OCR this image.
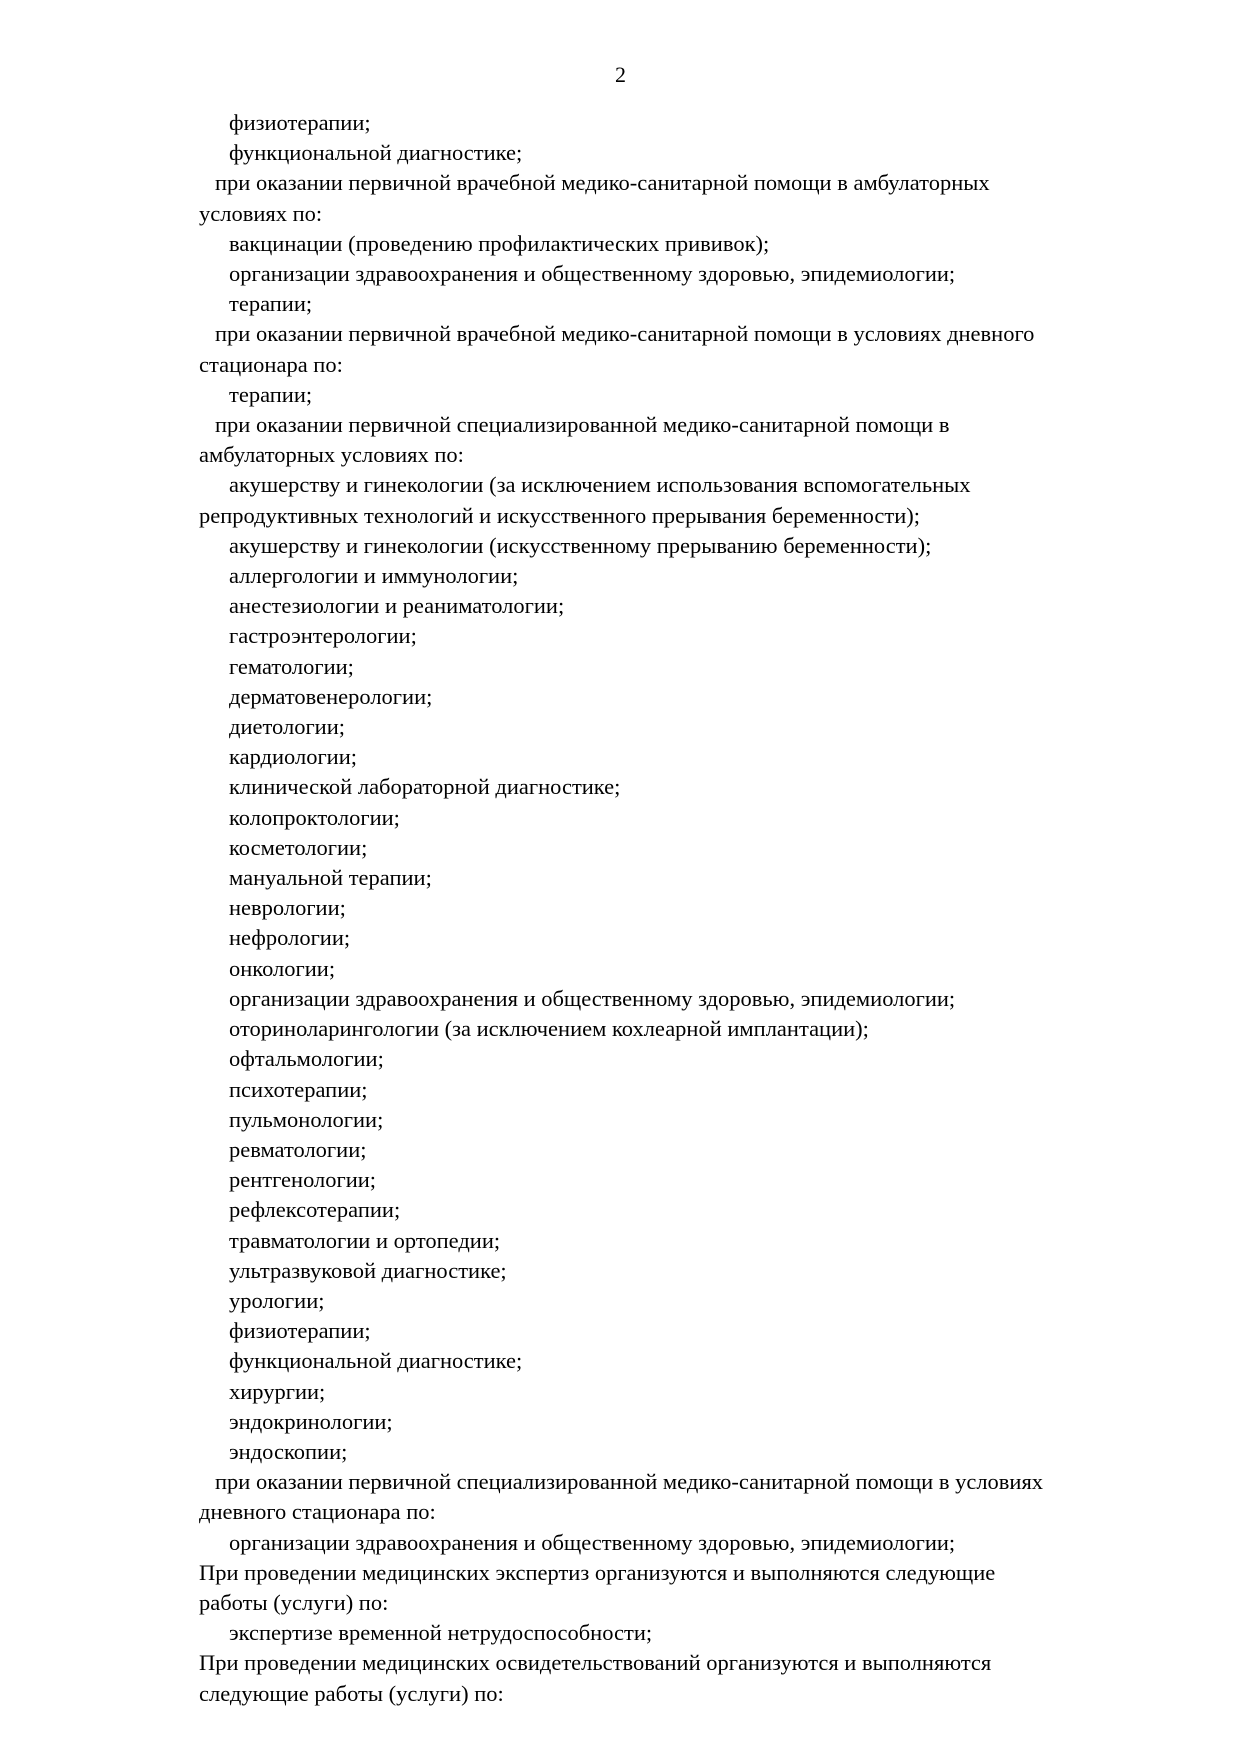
2

физиотерапии;

функциональной диагностике;

при оказании первичной врачебной медико-санитарной помощи в амбулаторных

условиях по:

вакцинации (проведению профилактических прививок);

организации здравоохранения и общественному здоровью, эпидемиологии;

терапии;

при оказании первичной врачебной медико-санитарной помощи в условиях дневного

стационара по:

терапии;

при оказании первичной специализированной медико-санитарной помощи в

амбулаторных условиях по:

акушерству и гинекологии (за исключением использования вспомогательных

репродуктивных технологий и искусственного прерывания беременности);

акушерству и гинекологии (искусственному прерыванию беременности);

аллергологии и иммунологии;

анестезиологии и реаниматологии;

гастроэнтерологии;

гематологии;

дерматовенерологии;

диетологии;

кардиологии;

клинической лабораторной диагностике;

колопроктологии;

косметологии;

мануальной терапии;

неврологии;

нефрологии;

онкологии;

организации здравоохранения и общественному здоровью, эпидемиологии;

оториноларингологии (за исключением кохлеарной имплантации);

офтальмологии;

психотерапии;

пульмонологии;

ревматологии;

рентгенологии;

рефлексотерапии;

травматологии и ортопедии;

ультразвуковой диагностике;

урологии;

физиотерапии;

функциональной диагностике;

хирургии;

эндокринологии;

эндоскопии;

при оказании первичной специализированной медико-санитарной помощи в условиях

дневного стационара по:

организации здравоохранения и общественному здоровью, эпидемиологии;

При проведении медицинских экспертиз организуются и выполняются следующие

работы (услуги) по:

экспертизе временной нетрудоспособности;

При проведении медицинских освидетельствований организуются и выполняются

следующие работы (услуги) по:
